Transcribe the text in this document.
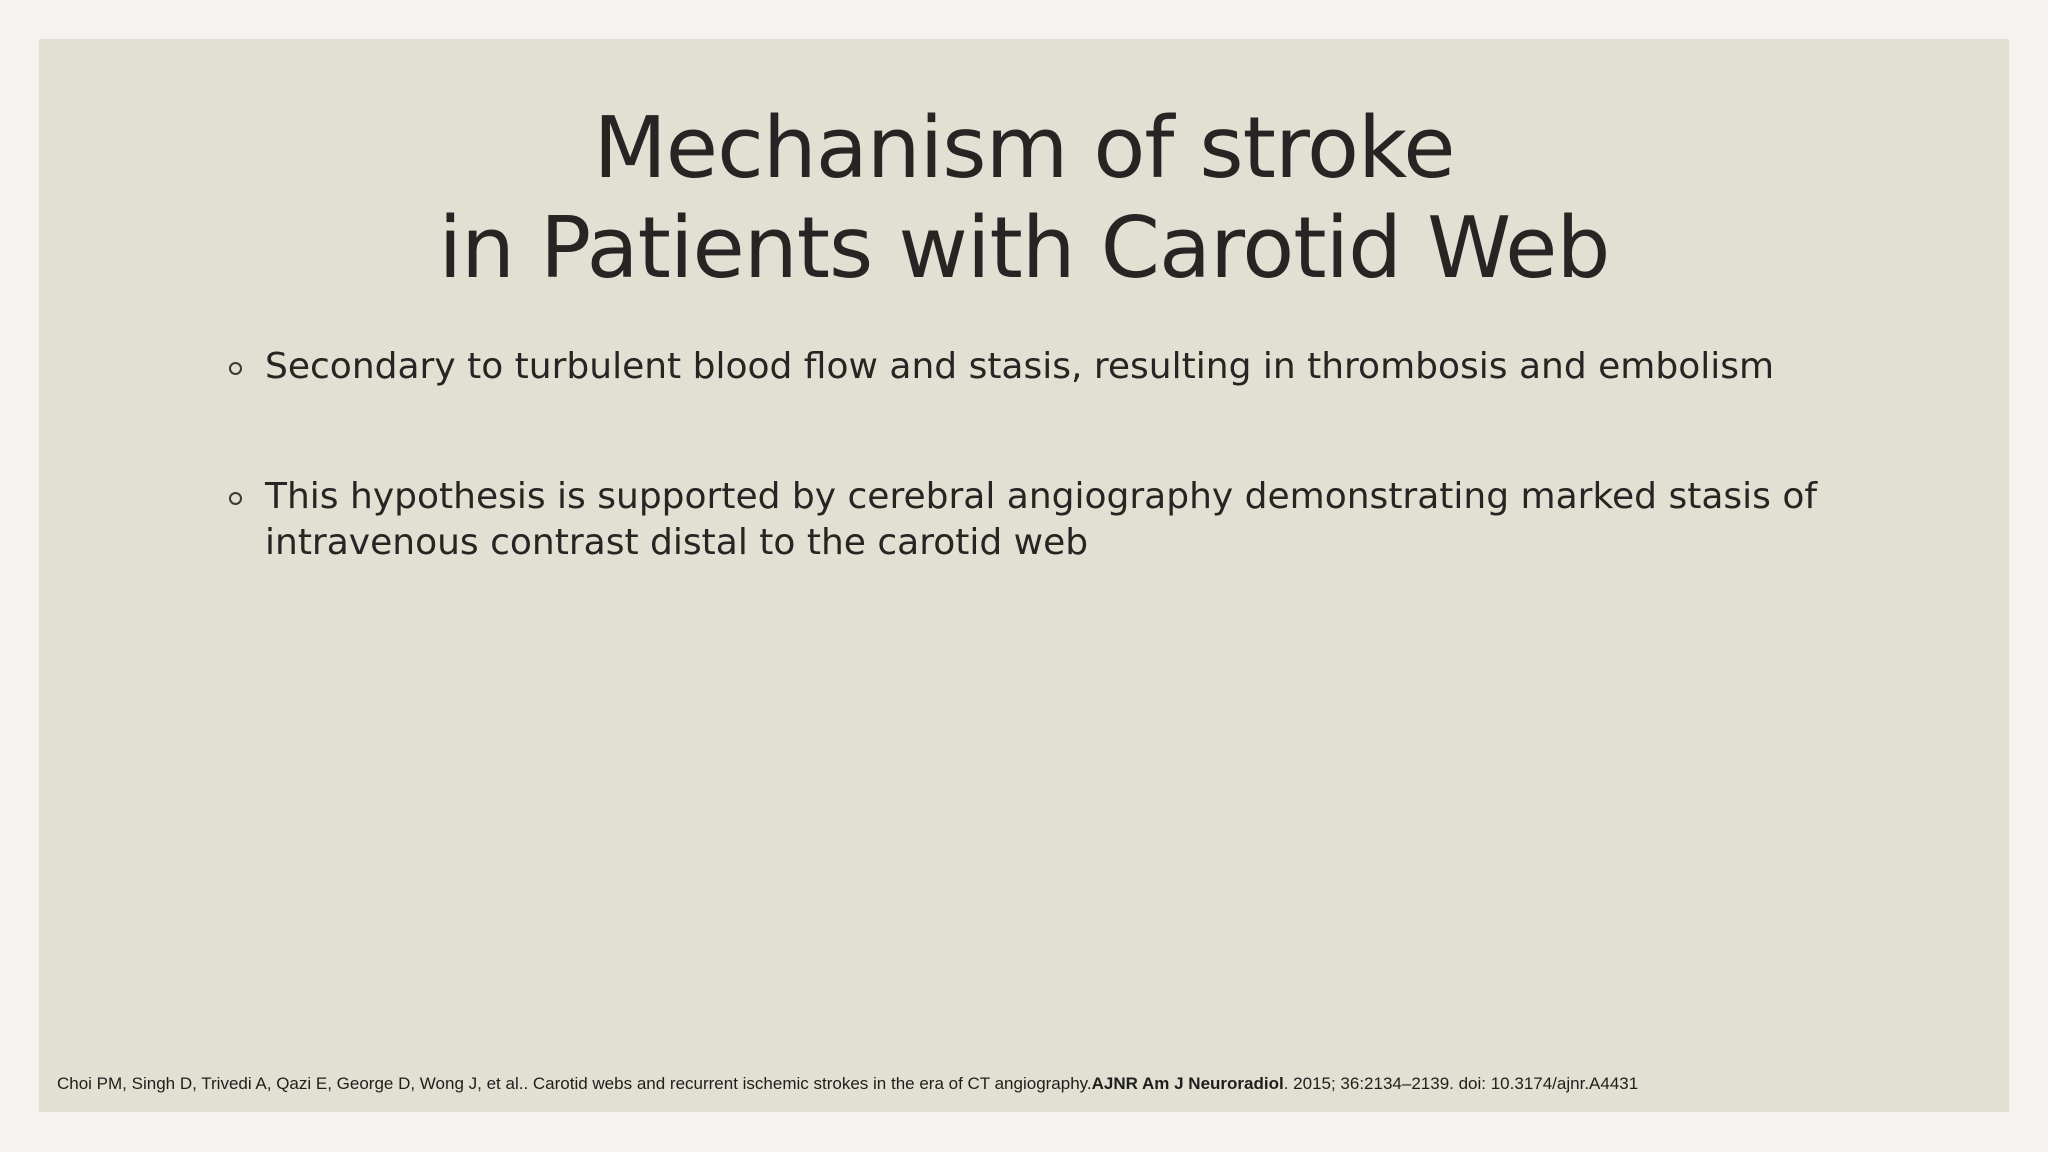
Mechanism of stroke
in Patients with Carotid Web
Secondary to turbulent blood flow and stasis, resulting in thrombosis and embolism
This hypothesis is supported by cerebral angiography demonstrating marked stasis of intravenous contrast distal to the carotid web
Choi PM, Singh D, Trivedi A, Qazi E, George D, Wong J, et al.. Carotid webs and recurrent ischemic strokes in the era of CT angiography.AJNR Am J Neuroradiol. 2015; 36:2134–2139. doi: 10.3174/ajnr.A4431
